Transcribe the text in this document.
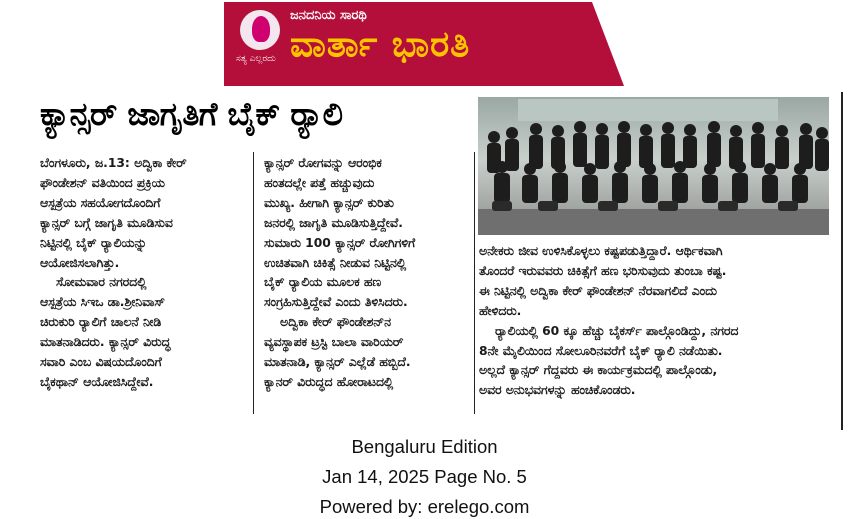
ಸತ್ಯ ಎಲ್ಲರದು
ಜನದನಿಯ ಸಾರಥಿ
ವಾರ್ತಾ ಭಾರತಿ
ಕ್ಯಾನ್ಸರ್ ಜಾಗೃತಿಗೆ ಬೈಕ್ ರ‍್ಯಾಲಿ

ಬೆಂಗಳೂರು, ಜ.13: ಅದ್ವಿಕಾ ಕೇರ್

ಫೌಂಡೇಶನ್ ವತಿಯಿಂದ ಪ್ರಕ್ರಿಯ

ಆಸ್ಪತ್ರೆಯ ಸಹಯೋಗದೊಂದಿಗೆ

ಕ್ಯಾನ್ಸರ್ ಬಗ್ಗೆ ಜಾಗೃತಿ ಮೂಡಿಸುವ

ನಿಟ್ಟಿನಲ್ಲಿ ಬೈಕ್ ರ‍್ಯಾಲಿಯನ್ನು

ಆಯೋಜಿಸಲಾಗಿತ್ತು.

ಸೋಮವಾರ ನಗರದಲ್ಲಿ

ಆಸ್ಪತ್ರೆಯ ಸಿಇಒ ಡಾ.ಶ್ರೀನಿವಾಸ್

ಚಿರುಕುರಿ ರ‍್ಯಾಲಿಗೆ ಚಾಲನೆ ನೀಡಿ

ಮಾತನಾಡಿದರು. ಕ್ಯಾನ್ಸರ್ ವಿರುದ್ಧ

ಸವಾರಿ ಎಂಬ ವಿಷಯದೊಂದಿಗೆ

ಬೈಕಥಾನ್ ಆಯೋಜಿಸಿದ್ದೇವೆ.

ಕ್ಯಾನ್ಸರ್ ರೋಗವನ್ನು ಆರಂಭಿಕ

ಹಂತದಲ್ಲೇ ಪತ್ತೆ ಹಚ್ಚುವುದು

ಮುಖ್ಯ. ಹೀಗಾಗಿ ಕ್ಯಾನ್ಸರ್ ಕುರಿತು

ಜನರಲ್ಲಿ ಜಾಗೃತಿ ಮೂಡಿಸುತ್ತಿದ್ದೇವೆ.

ಸುಮಾರು 100 ಕ್ಯಾನ್ಸರ್ ರೋಗಿಗಳಿಗೆ

ಉಚಿತವಾಗಿ ಚಿಕಿತ್ಸೆ ನೀಡುವ ನಿಟ್ಟಿನಲ್ಲಿ

ಬೈಕ್ ರ‍್ಯಾಲಿಯ ಮೂಲಕ ಹಣ

ಸಂಗ್ರಹಿಸುತ್ತಿದ್ದೇವೆ ಎಂದು ತಿಳಿಸಿದರು.

ಅದ್ವಿಕಾ ಕೇರ್ ಫೌಂಡೇಶನ್‌ನ

ವ್ಯವಸ್ಥಾಪಕ ಟ್ರಸ್ಟಿ ಬಾಲಾ ವಾರಿಯರ್

ಮಾತನಾಡಿ, ಕ್ಯಾನ್ಸರ್ ಎಲ್ಲೆಡೆ ಹಬ್ಬಿದೆ.

ಕ್ಯಾನರ್ ವಿರುದ್ಧದ ಹೋರಾಟದಲ್ಲಿ

ಅನೇಕರು ಜೀವ ಉಳಿಸಿಕೊಳ್ಳಲು ಕಷ್ಟಪಡುತ್ತಿದ್ದಾರೆ. ಆರ್ಥಿಕವಾಗಿ

ತೊಂದರೆ ಇರುವವರು ಚಿಕಿತ್ಸೆಗೆ ಹಣ ಭರಿಸುವುದು ತುಂಬಾ ಕಷ್ಟ.

ಈ ನಿಟ್ಟಿನಲ್ಲಿ ಅದ್ವಿಕಾ ಕೇರ್ ಫೌಂಡೇಶನ್ ನೆರವಾಗಲಿದೆ ಎಂದು

ಹೇಳಿದರು.

ರ‍್ಯಾಲಿಯಲ್ಲಿ 60 ಕ್ಕೂ ಹೆಚ್ಚು ಬೈಕರ್ಸ್ ಪಾಲ್ಗೊಂಡಿದ್ದು, ನಗರದ

8ನೇ ಮೈಲಿಯಿಂದ ಸೋಲೂರಿನವರೆಗೆ ಬೈಕ್ ರ‍್ಯಾಲಿ ನಡೆಯಿತು.

ಅಲ್ಲದೆ ಕ್ಯಾನ್ಸರ್ ಗೆದ್ದವರು ಈ ಕಾರ್ಯಕ್ರಮದಲ್ಲಿ ಪಾಲ್ಗೊಂಡು,

ಅವರ ಅನುಭವಗಳನ್ನು ಹಂಚಿಕೊಂಡರು.

Bengaluru Edition
Jan 14, 2025 Page No. 5
Powered by: erelego.com
